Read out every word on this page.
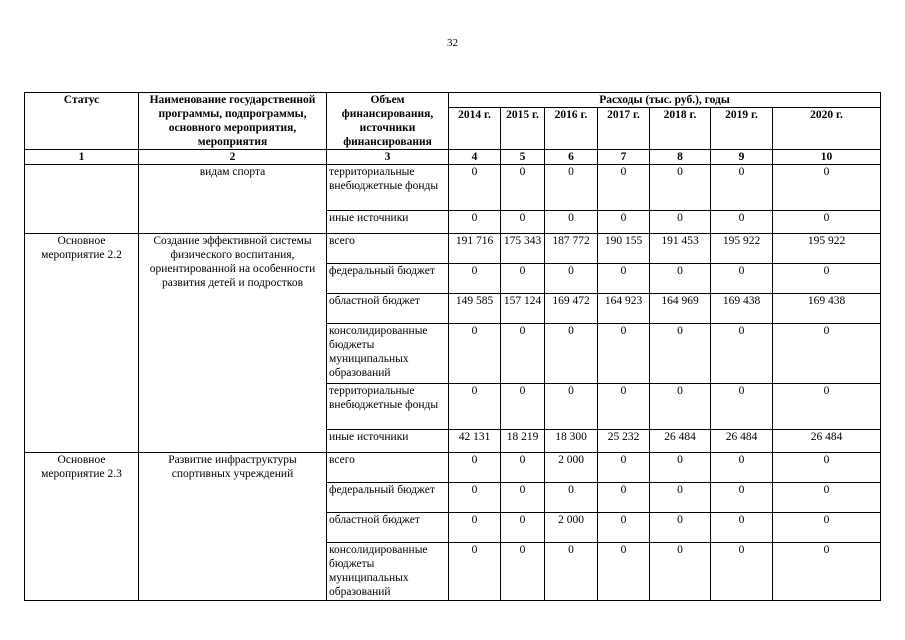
32
Статус	Наименование государственной программы, подпрограммы, основного мероприятия, мероприятия	Объем финансирования, источники финансирования	Расходы (тыс. руб.), годы						
			2014 г.	2015 г.	2016 г.	2017 г.	2018 г.	2019 г.	2020 г.
1	2	3	4	5	6	7	8	9	10
	видам спорта	территориальные внебюджетные фонды	0	0	0	0	0	0	0
		иные источники	0	0	0	0	0	0	0
Основное мероприятие 2.2	Создание эффективной системы физического воспитания, ориентированной на особенности развития детей и подростков	всего	191 716	175 343	187 772	190 155	191 453	195 922	195 922
		федеральный бюджет	0	0	0	0	0	0	0
		областной бюджет	149 585	157 124	169 472	164 923	164 969	169 438	169 438
		консолидированные бюджеты муниципальных образований	0	0	0	0	0	0	0
		территориальные внебюджетные фонды	0	0	0	0	0	0	0
		иные источники	42 131	18 219	18 300	25 232	26 484	26 484	26 484
Основное мероприятие 2.3	Развитие инфраструктуры спортивных учреждений	всего	0	0	2 000	0	0	0	0
		федеральный бюджет	0	0	0	0	0	0	0
		областной бюджет	0	0	2 000	0	0	0	0
		консолидированные бюджеты муниципальных образований	0	0	0	0	0	0	0
